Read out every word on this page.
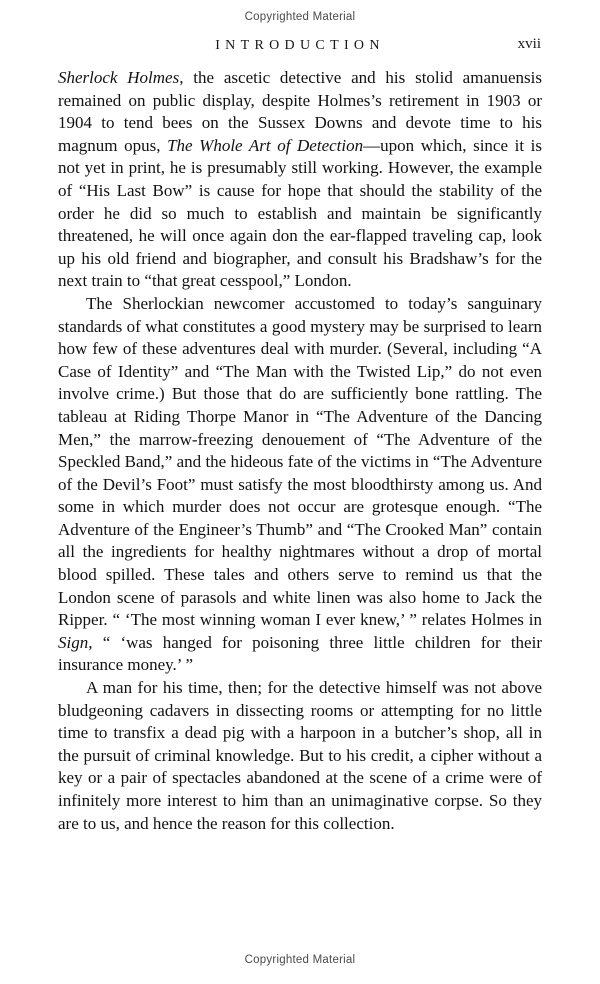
Copyrighted Material
INTRODUCTION	xvii

Sherlock Holmes, the ascetic detective and his stolid amanuensis remained on public display, despite Holmes’s retirement in 1903 or 1904 to tend bees on the Sussex Downs and devote time to his magnum opus, The Whole Art of Detection—upon which, since it is not yet in print, he is presumably still working. However, the example of “His Last Bow” is cause for hope that should the stability of the order he did so much to establish and maintain be significantly threatened, he will once again don the ear-flapped traveling cap, look up his old friend and biographer, and consult his Bradshaw’s for the next train to “that great cesspool,” London.

The Sherlockian newcomer accustomed to today’s sanguinary standards of what constitutes a good mystery may be surprised to learn how few of these adventures deal with murder. (Several, including “A Case of Identity” and “The Man with the Twisted Lip,” do not even involve crime.) But those that do are sufficiently bone rattling. The tableau at Riding Thorpe Manor in “The Adventure of the Dancing Men,” the marrow-freezing denouement of “The Adventure of the Speckled Band,” and the hideous fate of the victims in “The Adventure of the Devil’s Foot” must satisfy the most bloodthirsty among us. And some in which murder does not occur are grotesque enough. “The Adventure of the Engineer’s Thumb” and “The Crooked Man” contain all the ingredients for healthy nightmares without a drop of mortal blood spilled. These tales and others serve to remind us that the London scene of parasols and white linen was also home to Jack the Ripper. “ ‘The most winning woman I ever knew,’ ” relates Holmes in Sign, “ ‘was hanged for poisoning three little children for their insurance money.’ ”

A man for his time, then; for the detective himself was not above bludgeoning cadavers in dissecting rooms or attempting for no little time to transfix a dead pig with a harpoon in a butcher’s shop, all in the pursuit of criminal knowledge. But to his credit, a cipher without a key or a pair of spectacles abandoned at the scene of a crime were of infinitely more interest to him than an unimaginative corpse. So they are to us, and hence the reason for this collection.

Copyrighted Material
